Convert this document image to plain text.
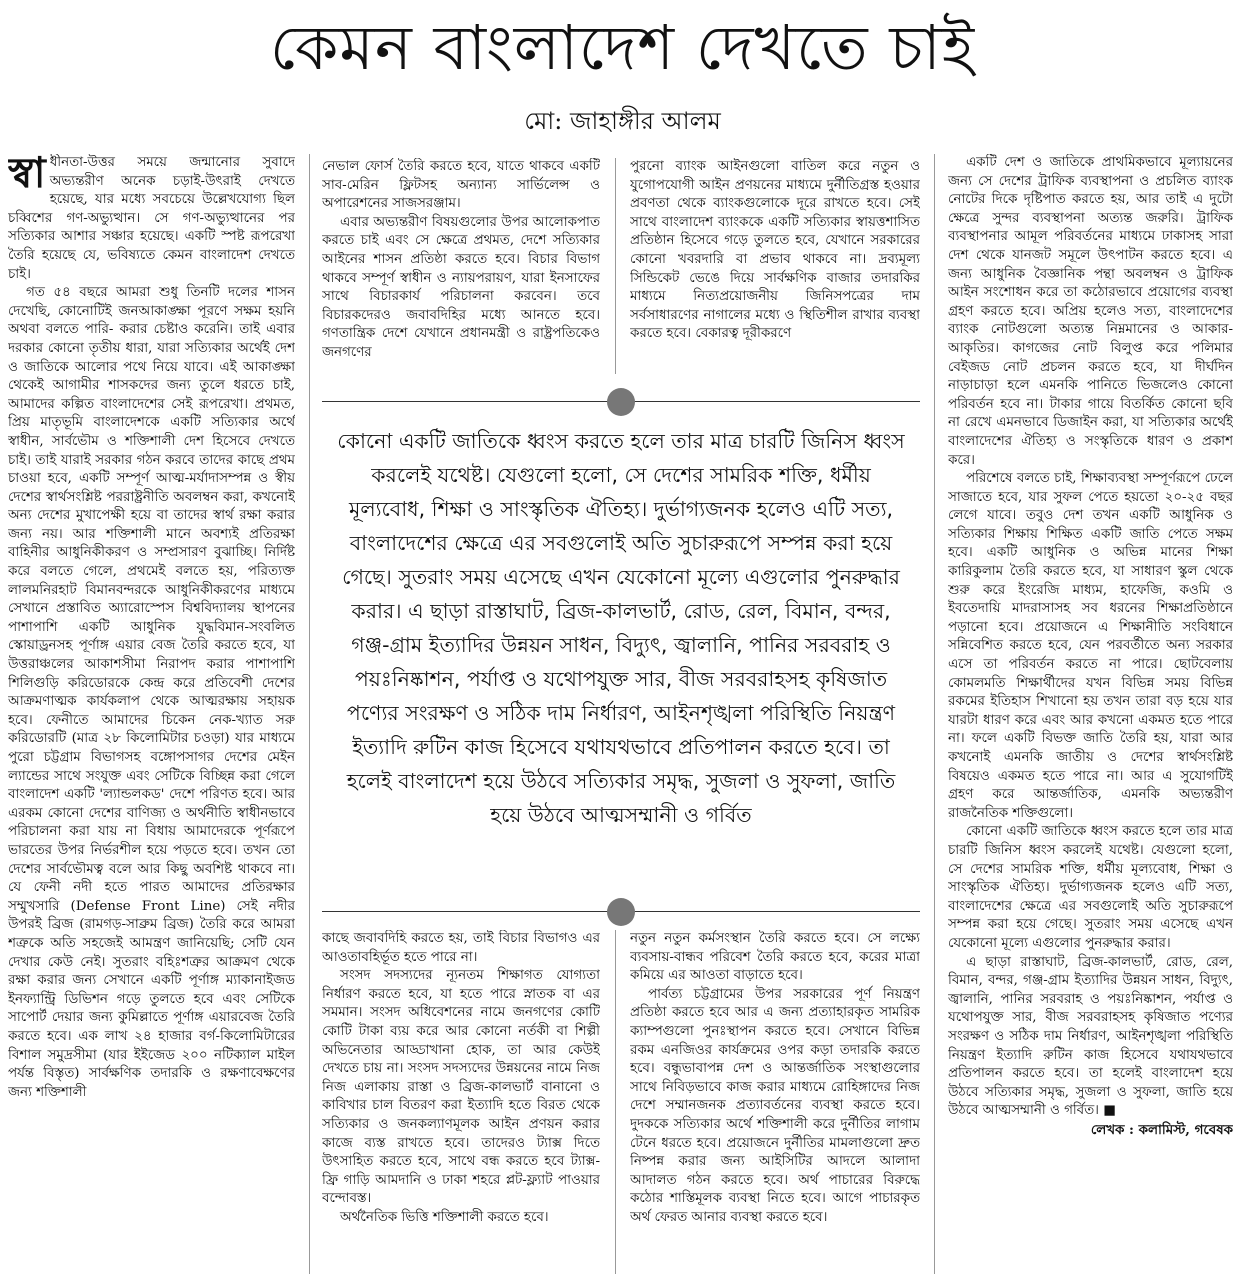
কেমন বাংলাদেশ দেখতে চাই
মো: জাহাঙ্গীর আলম

স্বা ধীনতা-উত্তর সময়ে জন্মানোর সুবাদে অভ্যন্তরীণ অনেক চড়াই-উৎরাই দেখতে হয়েছে, যার মধ্যে সবচেয়ে উল্লেখযোগ্য ছিল চব্বিশের গণ-অভ্যুত্থান। সে গণ-অভ্যুত্থানের পর সত্যিকার আশার সঞ্চার হয়েছে। একটি স্পষ্ট রূপরেখা তৈরি হয়েছে যে, ভবিষ্যতে কেমন বাংলাদেশ দেখতে চাই।

গত ৫৪ বছরে আমরা শুধু তিনটি দলের শাসন দেখেছি, কোনোটিই জনআকাঙ্ক্ষা পূরণে সক্ষম হয়নি অথবা বলতে পারি- করার চেষ্টাও করেনি। তাই এবার দরকার কোনো তৃতীয় ধারা, যারা সত্যিকার অর্থেই দেশ ও জাতিকে আলোর পথে নিয়ে যাবে। এই আকাঙ্ক্ষা থেকেই আগামীর শাসকদের জন্য তুলে ধরতে চাই, আমাদের কল্পিত বাংলাদেশের সেই রূপরেখা। প্রথমত, প্রিয় মাতৃভূমি বাংলাদেশকে একটি সত্যিকার অর্থে স্বাধীন, সার্বভৌম ও শক্তিশালী দেশ হিসেবে দেখতে চাই। তাই যারাই সরকার গঠন করবে তাদের কাছে প্রথম চাওয়া হবে, একটি সম্পূর্ণ আত্ম-মর্যাদাসম্পন্ন ও স্বীয় দেশের স্বার্থসংশ্লিষ্ট পররাষ্ট্রনীতি অবলম্বন করা, কখনোই অন্য দেশের মুখাপেক্ষী হয়ে বা তাদের স্বার্থ রক্ষা করার জন্য নয়। আর শক্তিশালী মানে অবশ্যই প্রতিরক্ষা বাহিনীর আধুনিকীকরণ ও সম্প্রসারণ বুঝাচ্ছি। নির্দিষ্ট করে বলতে গেলে, প্রথমেই বলতে হয়, পরিত্যক্ত লালমনিরহাট বিমানবন্দরকে আধুনিকীকরণের মাধ্যমে সেখানে প্রস্তাবিত অ্যারোস্পেস বিশ্ববিদ্যালয় স্থাপনের পাশাপাশি একটি আধুনিক যুদ্ধবিমান-সংবলিত স্কোয়াড্রনসহ পূর্ণাঙ্গ এয়ার বেজ তৈরি করতে হবে, যা উত্তরাঞ্চলের আকাশসীমা নিরাপদ করার পাশাপাশি শিলিগুড়ি করিডোরকে কেন্দ্র করে প্রতিবেশী দেশের আক্রমণাত্মক কার্যকলাপ থেকে আত্মরক্ষায় সহায়ক হবে। ফেনীতে আমাদের চিকেন নেক-খ্যাত সরু করিডোরটি (মাত্র ২৮ কিলোমিটার চওড়া) যার মাধ্যমে পুরো চট্টগ্রাম বিভাগসহ বঙ্গোপসাগর দেশের মেইন ল্যান্ডের সাথে সংযুক্ত এবং সেটিকে বিচ্ছিন্ন করা গেলে বাংলাদেশ একটি 'ল্যান্ডলকড' দেশে পরিণত হবে। আর এরকম কোনো দেশের বাণিজ্য ও অর্থনীতি স্বাধীনভাবে পরিচালনা করা যায় না বিধায় আমাদেরকে পূর্ণরূপে ভারতের উপর নির্ভরশীল হয়ে পড়তে হবে। তখন তো দেশের সার্বভৌমত্ব বলে আর কিছু অবশিষ্ট থাকবে না। যে ফেনী নদী হতে পারত আমাদের প্রতিরক্ষার সম্মুখসারি (Defense Front Line) সেই নদীর উপরই ব্রিজ (রামগড়-সাব্রুম ব্রিজ) তৈরি করে আমরা শত্রুকে অতি সহজেই আমন্ত্রণ জানিয়েছি; সেটি যেন দেখার কেউ নেই। সুতরাং বহিঃশত্রুর আক্রমণ থেকে রক্ষা করার জন্য সেখানে একটি পূর্ণাঙ্গ ম্যাকানাইজড ইনফ্যান্ট্রি ডিভিশন গড়ে তুলতে হবে এবং সেটিকে সাপোর্ট দেয়ার জন্য কুমিল্লাতে পূর্ণাঙ্গ এয়ারবেজ তৈরি করতে হবে। এক লাখ ২৪ হাজার বর্গ-কিলোমিটারের বিশাল সমুদ্রসীমা (যার ইইজেড ২০০ নটিক্যাল মাইল পর্যন্ত বিস্তৃত) সার্বক্ষণিক তদারকি ও রক্ষণাবেক্ষণের জন্য শক্তিশালী

নেভাল ফোর্স তৈরি করতে হবে, যাতে থাকবে একটি সাব-মেরিন ফ্লিটসহ অন্যান্য সার্ভিলেন্স ও অপারেশনের সাজসরঞ্জাম।

এবার অভ্যন্তরীণ বিষয়গুলোর উপর আলোকপাত করতে চাই এবং সে ক্ষেত্রে প্রথমত, দেশে সত্যিকার আইনের শাসন প্রতিষ্ঠা করতে হবে। বিচার বিভাগ থাকবে সম্পূর্ণ স্বাধীন ও ন্যায়পরায়ণ, যারা ইনসাফের সাথে বিচারকার্য পরিচালনা করবেন। তবে বিচারকদেরও জবাবদিহির মধ্যে আনতে হবে। গণতান্ত্রিক দেশে যেখানে প্রধানমন্ত্রী ও রাষ্ট্রপতিকেও জনগণের

পুরনো ব্যাংক আইনগুলো বাতিল করে নতুন ও যুগোপযোগী আইন প্রণয়নের মাধ্যমে দুর্নীতিগ্রস্ত হওয়ার প্রবণতা থেকে ব্যাংকগুলোকে দূরে রাখতে হবে। সেই সাথে বাংলাদেশ ব্যাংককে একটি সত্যিকার স্বায়ত্তশাসিত প্রতিষ্ঠান হিসেবে গড়ে তুলতে হবে, যেখানে সরকারের কোনো খবরদারি বা প্রভাব থাকবে না। দ্রব্যমূল্য সিন্ডিকেট ভেঙে দিয়ে সার্বক্ষণিক বাজার তদারকির মাধ্যমে নিত্যপ্রয়োজনীয় জিনিসপত্রের দাম সর্বসাধারণের নাগালের মধ্যে ও স্থিতিশীল রাখার ব্যবস্থা করতে হবে। বেকারত্ব দূরীকরণে

কোনো একটি জাতিকে ধ্বংস করতে হলে তার মাত্র চারটি জিনিস ধ্বংস করলেই যথেষ্ট। যেগুলো হলো, সে দেশের সামরিক শক্তি, ধর্মীয় মূল্যবোধ, শিক্ষা ও সাংস্কৃতিক ঐতিহ্য। দুর্ভাগ্যজনক হলেও এটি সত্য, বাংলাদেশের ক্ষেত্রে এর সবগুলোই অতি সুচারুরূপে সম্পন্ন করা হয়ে গেছে। সুতরাং সময় এসেছে এখন যেকোনো মূল্যে এগুলোর পুনরুদ্ধার করার। এ ছাড়া রাস্তাঘাট, ব্রিজ-কালভার্ট, রোড, রেল, বিমান, বন্দর, গঞ্জ-গ্রাম ইত্যাদির উন্নয়ন সাধন, বিদ্যুৎ, জ্বালানি, পানির সরবরাহ ও পয়ঃনিষ্কাশন, পর্যাপ্ত ও যথোপযুক্ত সার, বীজ সরবরাহসহ কৃষিজাত পণ্যের সংরক্ষণ ও সঠিক দাম নির্ধারণ, আইনশৃঙ্খলা পরিস্থিতি নিয়ন্ত্রণ ইত্যাদি রুটিন কাজ হিসেবে যথাযথভাবে প্রতিপালন করতে হবে। তা হলেই বাংলাদেশ হয়ে উঠবে সত্যিকার সমৃদ্ধ, সুজলা ও সুফলা, জাতি হয়ে উঠবে আত্মসম্মানী ও গর্বিত

কাছে জবাবদিহি করতে হয়, তাই বিচার বিভাগও এর আওতাবহির্ভূত হতে পারে না।

সংসদ সদস্যদের ন্যূনতম শিক্ষাগত যোগ্যতা নির্ধারণ করতে হবে, যা হতে পারে স্নাতক বা এর সমমান। সংসদ অধিবেশনের নামে জনগণের কোটি কোটি টাকা ব্যয় করে আর কোনো নর্তকী বা শিল্পী অভিনেতার আড্ডাখানা হোক, তা আর কেউই দেখতে চায় না। সংসদ সদস্যদের উন্নয়নের নামে নিজ নিজ এলাকায় রাস্তা ও ব্রিজ-কালভার্ট বানানো ও কাবিখার চাল বিতরণ করা ইত্যাদি হতে বিরত থেকে সত্যিকার ও জনকল্যাণমূলক আইন প্রণয়ন করার কাজে ব্যস্ত রাখতে হবে। তাদেরও ট্যাক্স দিতে উৎসাহিত করতে হবে, সাথে বন্ধ করতে হবে ট্যাক্স-ফ্রি গাড়ি আমদানি ও ঢাকা শহরে প্লট-ফ্ল্যাট পাওয়ার বন্দোবস্ত।

অর্থনৈতিক ভিত্তি শক্তিশালী করতে হবে।

নতুন নতুন কর্মসংস্থান তৈরি করতে হবে। সে লক্ষ্যে ব্যবসায়-বান্ধব পরিবেশ তৈরি করতে হবে, করের মাত্রা কমিয়ে এর আওতা বাড়াতে হবে।

পার্বত্য চট্টগ্রামের উপর সরকারের পূর্ণ নিয়ন্ত্রণ প্রতিষ্ঠা করতে হবে আর এ জন্য প্রত্যাহারকৃত সামরিক ক্যাম্পগুলো পুনঃস্থাপন করতে হবে। সেখানে বিভিন্ন রকম এনজিওর কার্যক্রমের ওপর কড়া তদারকি করতে হবে। বন্ধুভাবাপন্ন দেশ ও আন্তর্জাতিক সংস্থাগুলোর সাথে নিবিড়ভাবে কাজ করার মাধ্যমে রোহিঙ্গাদের নিজ দেশে সম্মানজনক প্রত্যাবর্তনের ব্যবস্থা করতে হবে। দুদককে সত্যিকার অর্থে শক্তিশালী করে দুর্নীতির লাগাম টেনে ধরতে হবে। প্রয়োজনে দুর্নীতির মামলাগুলো দ্রুত নিষ্পন্ন করার জন্য আইসিটির আদলে আলাদা আদালত গঠন করতে হবে। অর্থ পাচারের বিরুদ্ধে কঠোর শাস্তিমূলক ব্যবস্থা নিতে হবে। আগে পাচারকৃত অর্থ ফেরত আনার ব্যবস্থা করতে হবে।

একটি দেশ ও জাতিকে প্রাথমিকভাবে মূল্যায়নের জন্য সে দেশের ট্রাফিক ব্যবস্থাপনা ও প্রচলিত ব্যাংক নোটের দিকে দৃষ্টিপাত করতে হয়, আর তাই এ দুটো ক্ষেত্রে সুন্দর ব্যবস্থাপনা অত্যন্ত জরুরি। ট্রাফিক ব্যবস্থাপনার আমূল পরিবর্তনের মাধ্যমে ঢাকাসহ সারা দেশ থেকে যানজট সমূলে উৎপাটন করতে হবে। এ জন্য আধুনিক বৈজ্ঞানিক পন্থা অবলম্বন ও ট্রাফিক আইন সংশোধন করে তা কঠোরভাবে প্রয়োগের ব্যবস্থা গ্রহণ করতে হবে। অপ্রিয় হলেও সত্য, বাংলাদেশের ব্যাংক নোটগুলো অত্যন্ত নিম্নমানের ও আকার-আকৃতির। কাগজের নোট বিলুপ্ত করে পলিমার বেইজড নোট প্রচলন করতে হবে, যা দীর্ঘদিন নাড়াচাড়া হলে এমনকি পানিতে ভিজলেও কোনো পরিবর্তন হবে না। টাকার গায়ে বিতর্কিত কোনো ছবি না রেখে এমনভাবে ডিজাইন করা, যা সত্যিকার অর্থেই বাংলাদেশের ঐতিহ্য ও সংস্কৃতিকে ধারণ ও প্রকাশ করে।

পরিশেষে বলতে চাই, শিক্ষাব্যবস্থা সম্পূর্ণরূপে ঢেলে সাজাতে হবে, যার সুফল পেতে হয়তো ২০-২৫ বছর লেগে যাবে। তবুও দেশ তখন একটি আধুনিক ও সত্যিকার শিক্ষায় শিক্ষিত একটি জাতি পেতে সক্ষম হবে। একটি আধুনিক ও অভিন্ন মানের শিক্ষা কারিকুলাম তৈরি করতে হবে, যা সাধারণ স্কুল থেকে শুরু করে ইংরেজি মাধ্যম, হাফেজি, কওমি ও ইবতেদায়ি মাদরাসাসহ সব ধরনের শিক্ষাপ্রতিষ্ঠানে পড়ানো হবে। প্রয়োজনে এ শিক্ষানীতি সংবিধানে সন্নিবেশিত করতে হবে, যেন পরবর্তীতে অন্য সরকার এসে তা পরিবর্তন করতে না পারে। ছোটবেলায় কোমলমতি শিক্ষার্থীদের যখন বিভিন্ন সময় বিভিন্ন রকমের ইতিহাস শিখানো হয় তখন তারা বড় হয়ে যার যারটা ধারণ করে এবং আর কখনো একমত হতে পারে না। ফলে একটি বিভক্ত জাতি তৈরি হয়, যারা আর কখনোই এমনকি জাতীয় ও দেশের স্বার্থসংশ্লিষ্ট বিষয়েও একমত হতে পারে না। আর এ সুযোগটিই গ্রহণ করে আন্তর্জাতিক, এমনকি অভ্যন্তরীণ রাজনৈতিক শক্তিগুলো।

কোনো একটি জাতিকে ধ্বংস করতে হলে তার মাত্র চারটি জিনিস ধ্বংস করলেই যথেষ্ট। যেগুলো হলো, সে দেশের সামরিক শক্তি, ধর্মীয় মূল্যবোধ, শিক্ষা ও সাংস্কৃতিক ঐতিহ্য। দুর্ভাগ্যজনক হলেও এটি সত্য, বাংলাদেশের ক্ষেত্রে এর সবগুলোই অতি সুচারুরূপে সম্পন্ন করা হয়ে গেছে। সুতরাং সময় এসেছে এখন যেকোনো মূল্যে এগুলোর পুনরুদ্ধার করার।

এ ছাড়া রাস্তাঘাট, ব্রিজ-কালভার্ট, রোড, রেল, বিমান, বন্দর, গঞ্জ-গ্রাম ইত্যাদির উন্নয়ন সাধন, বিদ্যুৎ, জ্বালানি, পানির সরবরাহ ও পয়ঃনিষ্কাশন, পর্যাপ্ত ও যথোপযুক্ত সার, বীজ সরবরাহসহ কৃষিজাত পণ্যের সংরক্ষণ ও সঠিক দাম নির্ধারণ, আইনশৃঙ্খলা পরিস্থিতি নিয়ন্ত্রণ ইত্যাদি রুটিন কাজ হিসেবে যথাযথভাবে প্রতিপালন করতে হবে। তা হলেই বাংলাদেশ হয়ে উঠবে সত্যিকার সমৃদ্ধ, সুজলা ও সুফলা, জাতি হয়ে উঠবে আত্মসম্মানী ও গর্বিত। ■

লেখক : কলামিস্ট, গবেষক
